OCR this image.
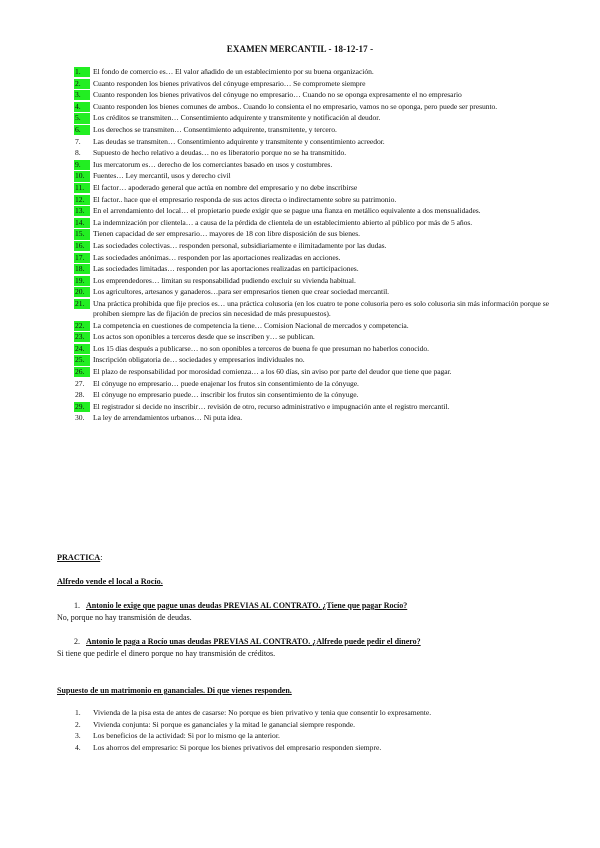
EXAMEN MERCANTIL - 18-12-17 -
1.	El fondo de comercio es… El valor añadido de un establecimiento por su buena organización.
2.	Cuanto responden los bienes privativos del cónyuge empresario… Se compromete siempre
3.	Cuanto responden los bienes privativos del cónyuge no empresario… Cuando no se oponga expresamente el no empresario
4.	Cuanto responden los bienes comunes de ambos.. Cuando lo consienta el no empresario, vamos no se oponga, pero puede ser presunto.
5.	Los créditos se transmiten… Consentimiento adquirente y transmitente y notificación al deudor.
6.	Los derechos se transmiten… Consentimiento adquirente, transmitente, y tercero.
7.	Las deudas se transmiten… Consentimiento adquirente y transmitente y consentimiento acreedor.
8.	Supuesto de hecho relativo a deudas… no es liberatorio porque no se ha transmitido.
9.	Ius mercatorum es… derecho de los comerciantes basado en usos y costumbres.
10.	Fuentes… Ley mercantil, usos y derecho civil
11.	El factor… apoderado general que actúa en nombre del empresario y no debe inscribirse
12.	El factor.. hace que el empresario responda de sus actos directa o indirectamente sobre su patrimonio.
13.	En el arrendamiento del local… el propietario puede exigir que se pague una fianza en metálico equivalente a dos mensualidades.
14.	La indemnización por clientela… a causa de la pérdida de clientela de un establecimiento abierto al público por más de 5 años.
15.	Tienen capacidad de ser empresario… mayores de 18 con libre disposición de sus bienes.
16.	Las sociedades colectivas… responden personal, subsidiariamente e ilimitadamente por las dudas.
17.	Las sociedades anónimas… responden por las aportaciones realizadas en acciones.
18.	Las sociedades limitadas… responden por las aportaciones realizadas en participaciones.
19.	Los emprendedores… limitan su responsabilidad pudiendo excluir su vivienda habitual.
20.	Los agricultores, artesanos y ganaderos…para ser empresarios tienen que crear sociedad mercantil.
21.	Una práctica prohibida que fije precios es… una práctica colusoria (en los cuatro te pone colusoria pero es solo colusoria sin más información porque se prohíben siempre las de fijación de precios sin necesidad de más presupuestos).
22.	La competencia en cuestiones de competencia la tiene… Comision Nacional de mercados y competencia.
23.	Los actos son oponibles a terceros desde que se inscriben y… se publican.
24.	Los 15 días después a publicarse… no son oponibles a terceros de buena fe que presuman no haberlos conocido.
25.	Inscripción obligatoria de… sociedades y empresarios individuales no.
26.	El plazo de responsabilidad por morosidad comienza… a los 60 días, sin aviso por parte del deudor que tiene que pagar.
27.	El cónyuge no empresario… puede enajenar los frutos sin consentimiento de la cónyuge.
28.	El cónyuge no empresario puede… inscribir los frutos sin consentimiento de la cónyuge.
29.	El registrador si decide no inscribir… revisión de otro, recurso administrativo e impugnación ante el registro mercantil.
30.	La ley de arrendamientos urbanos… Ni puta idea.
PRACTICA:
Alfredo vende el local a Rocío.
1. Antonio le exige que pague unas deudas PREVIAS AL CONTRATO. ¿Tiene que pagar Rocío?
No, porque no hay transmisión de deudas.
2. Antonio le paga a Rocío unas deudas PREVIAS AL CONTRATO. ¿Alfredo puede pedir el dinero?
Si tiene que pedirle el dinero porque no hay transmisión de créditos.
Supuesto de un matrimonio en gananciales. Di que vienes responden.
1. Vivienda de la pisa esta de antes de casarse: No porque es bien privativo y tenia que consentir lo expresamente.
2. Vivienda conjunta: Si porque es gananciales y la mitad le ganancial siempre responde.
3. Los beneficios de la actividad: Si por lo mismo qe la anterior.
4. Los ahorros del empresario: Si porque los bienes privativos del empresario responden siempre.
